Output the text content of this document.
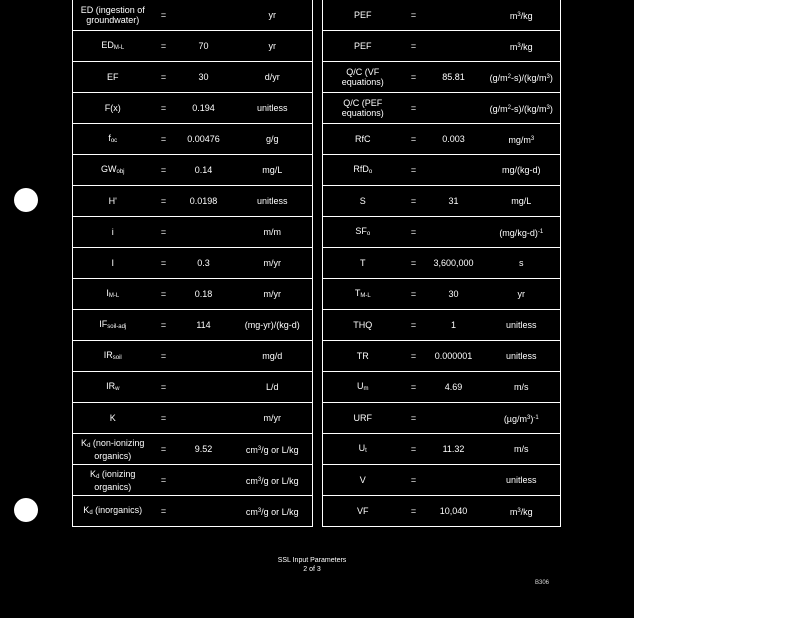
ED (ingestion of groundwater)	=		yr
$ED_{M-L}$	=	70	yr
EF	=	30	d/yr
F(x)	=	0.194	unitless
$f_{oc}$	=	0.00476	g/g
$GW_{obj}$	=	0.14	mg/L
H'	=	0.0198	unitless
i	=		m/m
I	=	0.3	m/yr
$I_{M-L}$	=	0.18	m/yr
$IF_{soil-adj}$	=	114	(mg-yr)/(kg-d)
$IR_{soil}$	=		mg/d
$IR_w$	=		L/d
K	=		m/yr
$K_d$ (non-ionizing organics)	=	9.52	$cm^3/g$ or L/kg
$K_d$ (ionizing organics)	=		$cm^3/g$ or L/kg
$K_d$ (inorganics)	=		$cm^3/g$ or L/kg
PEF	=		$m^3/kg$
PEF	=		$m^3/kg$
Q/C (VF equations)	=	85.81	$(g/m^2-s)/(kg/m^3)$
Q/C (PEF equations)	=		$(g/m^2-s)/(kg/m^3)$
RfC	=	0.003	$mg/m^3$
RfD$_o$	=		mg/(kg-d)
S	=	31	mg/L
$SF_o$	=		$(mg/kg-d)^{-1}$
T	=	3,600,000	s
$T_{M-L}$	=	30	yr
THQ	=	1	unitless
TR	=	0.000001	unitless
$U_m$	=	4.69	m/s
URF	=		$(\mu g/m^3)^{-1}$
$U_t$	=	11.32	m/s
V	=		unitless
VF	=	10,040	$m^3/kg$
SSL Input Parameters
2 of 3
B306
